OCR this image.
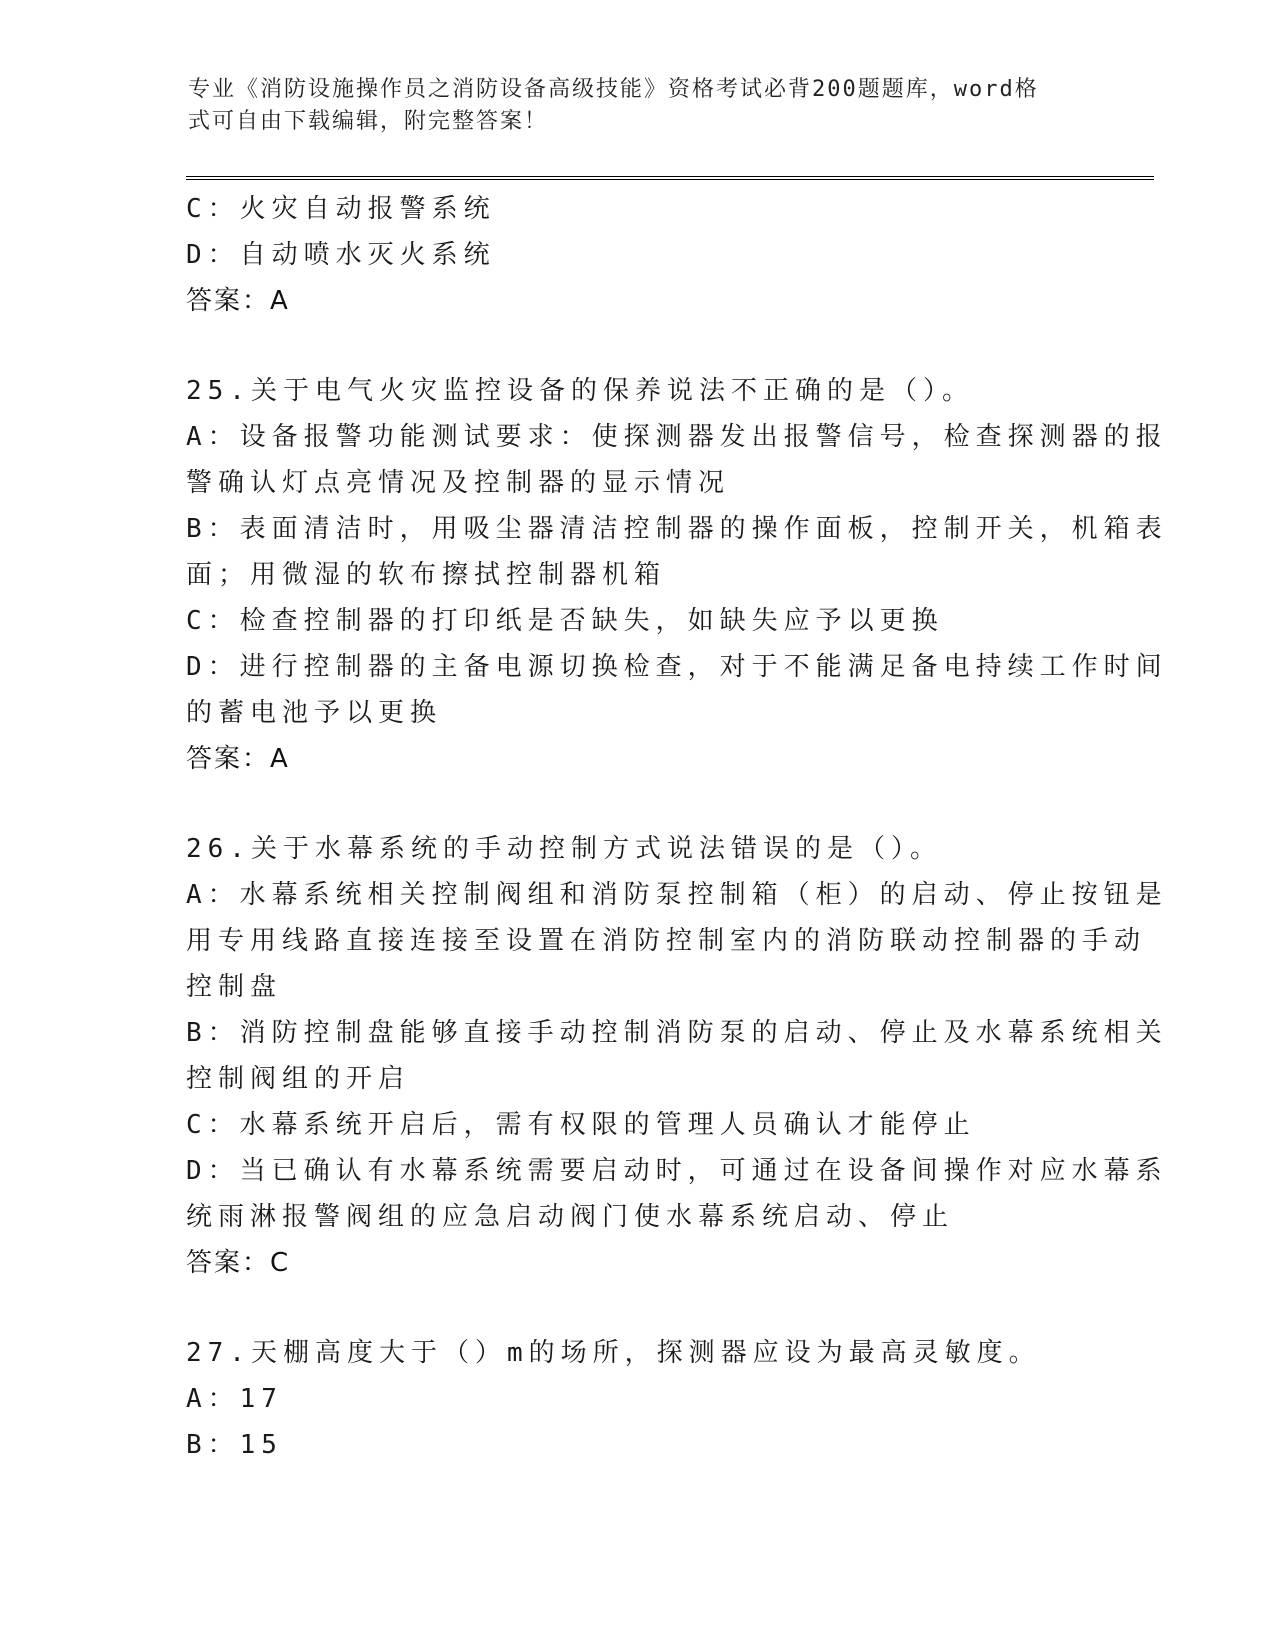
专业《消防设施操作员之消防设备高级技能》资格考试必背200题题库，word格
式可自由下载编辑，附完整答案！
C：火灾自动报警系统
D：自动喷水灭火系统
答案：A
25.关于电气火灾监控设备的保养说法不正确的是（）。
A：设备报警功能测试要求：使探测器发出报警信号，检查探测器的报
警确认灯点亮情况及控制器的显示情况
B：表面清洁时，用吸尘器清洁控制器的操作面板，控制开关，机箱表
面；用微湿的软布擦拭控制器机箱
C：检查控制器的打印纸是否缺失，如缺失应予以更换
D：进行控制器的主备电源切换检查，对于不能满足备电持续工作时间
的蓄电池予以更换
答案：A
26.关于水幕系统的手动控制方式说法错误的是（）。
A：水幕系统相关控制阀组和消防泵控制箱（柜）的启动、停止按钮是
用专用线路直接连接至设置在消防控制室内的消防联动控制器的手动
控制盘
B：消防控制盘能够直接手动控制消防泵的启动、停止及水幕系统相关
控制阀组的开启
C：水幕系统开启后，需有权限的管理人员确认才能停止
D：当已确认有水幕系统需要启动时，可通过在设备间操作对应水幕系
统雨淋报警阀组的应急启动阀门使水幕系统启动、停止
答案：C
27.天棚高度大于（）m的场所，探测器应设为最高灵敏度。
A：17
B：15
